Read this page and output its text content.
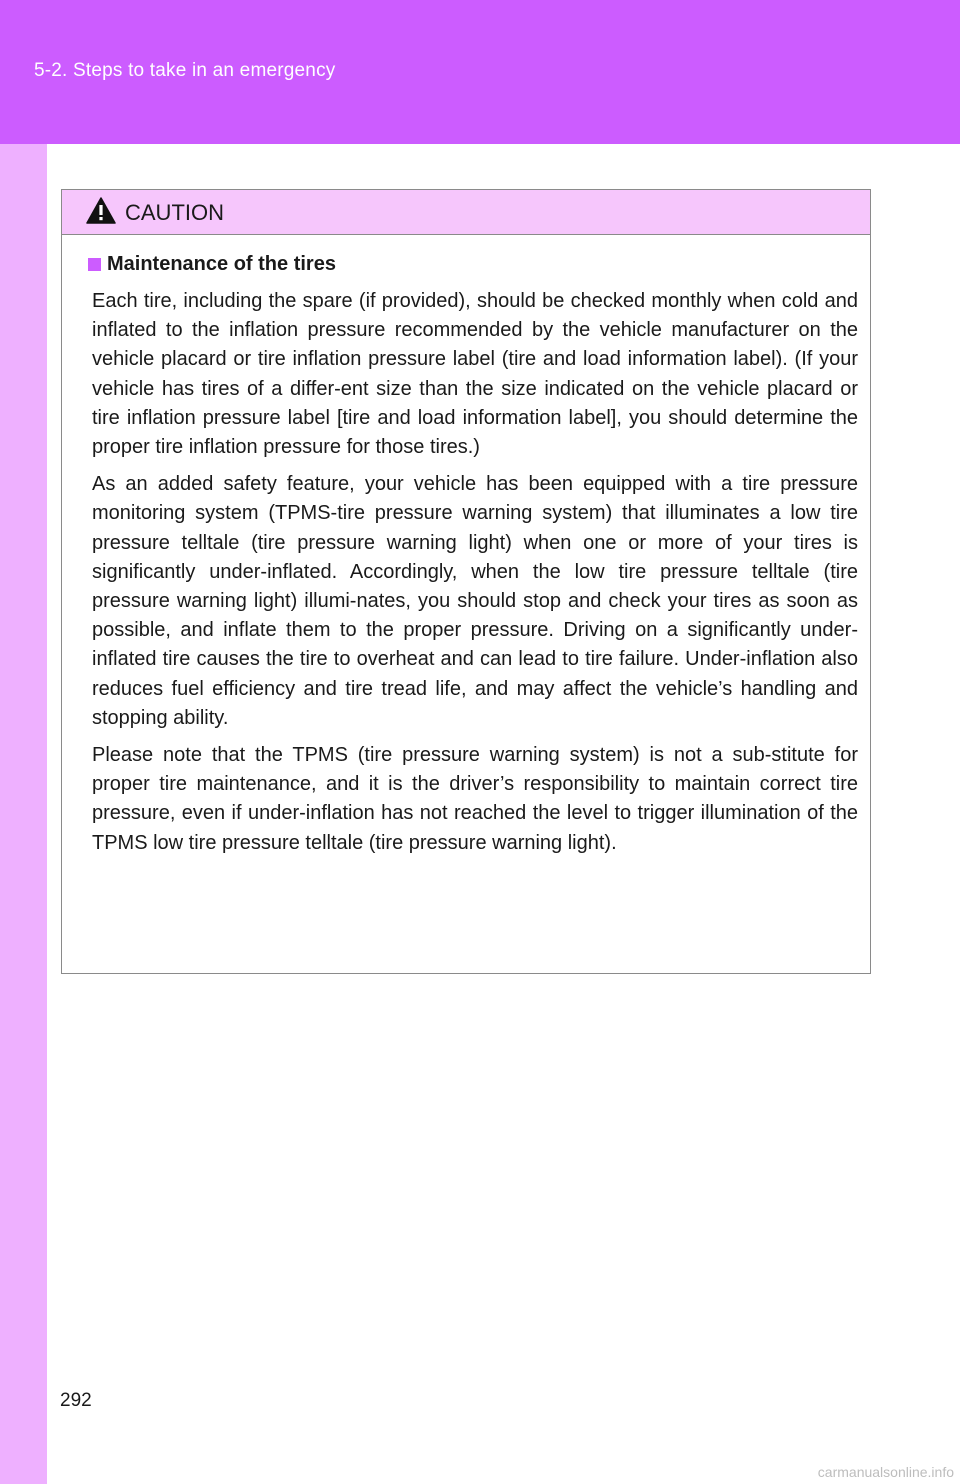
5-2. Steps to take in an emergency
CAUTION
Maintenance of the tires

Each tire, including the spare (if provided), should be checked monthly when cold and inflated to the inflation pressure recommended by the vehicle manufacturer on the vehicle placard or tire inflation pressure label (tire and load information label). (If your vehicle has tires of a differ-ent size than the size indicated on the vehicle placard or tire inflation pressure label [tire and load information label], you should determine the proper tire inflation pressure for those tires.)

As an added safety feature, your vehicle has been equipped with a tire pressure monitoring system (TPMS-tire pressure warning system) that illuminates a low tire pressure telltale (tire pressure warning light) when one or more of your tires is significantly under-inflated. Accordingly, when the low tire pressure telltale (tire pressure warning light) illumi-nates, you should stop and check your tires as soon as possible, and inflate them to the proper pressure. Driving on a significantly under-inflated tire causes the tire to overheat and can lead to tire failure. Under-inflation also reduces fuel efficiency and tire tread life, and may affect the vehicle’s handling and stopping ability.

Please note that the TPMS (tire pressure warning system) is not a sub-stitute for proper tire maintenance, and it is the driver’s responsibility to maintain correct tire pressure, even if under-inflation has not reached the level to trigger illumination of the TPMS low tire pressure telltale (tire pressure warning light).

292
carmanualsonline.info
